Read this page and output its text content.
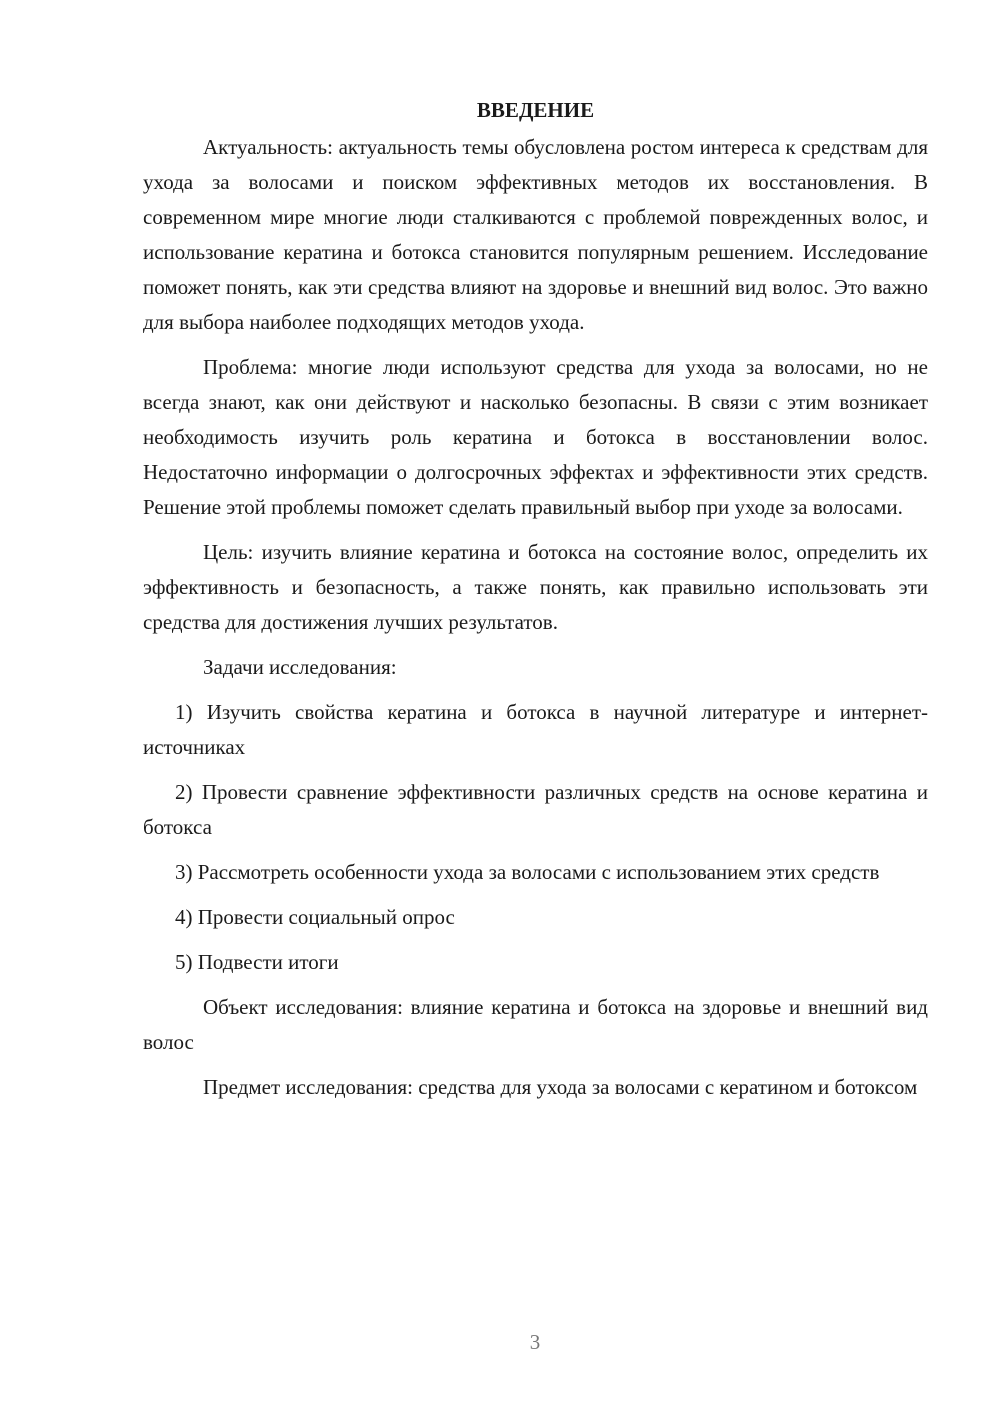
ВВЕДЕНИЕ

Актуальность: актуальность темы обусловлена ростом интереса к средствам для ухода за волосами и поиском эффективных методов их восстановления. В современном мире многие люди сталкиваются с проблемой поврежденных волос, и использование кератина и ботокса становится популярным решением. Исследование поможет понять, как эти средства влияют на здоровье и внешний вид волос. Это важно для выбора наиболее подходящих методов ухода.

Проблема: многие люди используют средства для ухода за волосами, но не всегда знают, как они действуют и насколько безопасны. В связи с этим возникает необходимость изучить роль кератина и ботокса в восстановлении волос. Недостаточно информации о долгосрочных эффектах и эффективности этих средств. Решение этой проблемы поможет сделать правильный выбор при уходе за волосами.

Цель: изучить влияние кератина и ботокса на состояние волос, определить их эффективность и безопасность, а также понять, как правильно использовать эти средства для достижения лучших результатов.

Задачи исследования:

1) Изучить свойства кератина и ботокса в научной литературе и интернет-источниках

2) Провести сравнение эффективности различных средств на основе кератина и ботокса

3) Рассмотреть особенности ухода за волосами с использованием этих средств

4) Провести социальный опрос

5) Подвести итоги

Объект исследования: влияние кератина и ботокса на здоровье и внешний вид волос

Предмет исследования: средства для ухода за волосами с кератином и ботоксом

3
